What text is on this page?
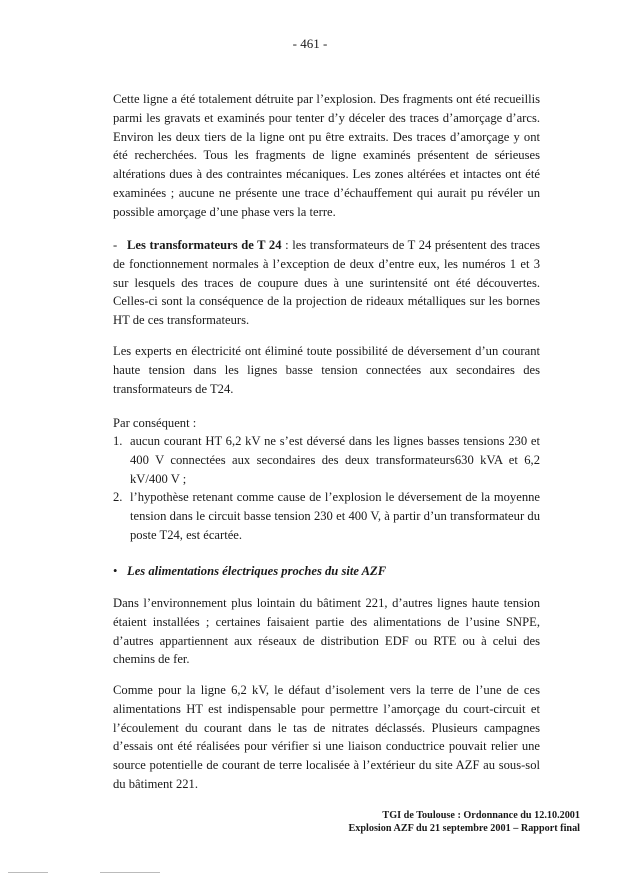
- 461 -

Cette ligne a été totalement détruite par l’explosion. Des fragments ont été recueillis parmi les gravats et examinés pour tenter d’y déceler des traces d’amorçage d’arcs. Environ les deux tiers de la ligne ont pu être extraits. Des traces d’amorçage y ont été recherchées. Tous les fragments de ligne examinés présentent de sérieuses altérations dues à des contraintes mécaniques. Les zones altérées et intactes ont été examinées ; aucune ne présente une trace d’échauffement qui aurait pu révéler un possible amorçage d’une phase vers la terre.

- Les transformateurs de T 24 : les transformateurs de T 24 présentent des traces de fonctionnement normales à l’exception de deux d’entre eux, les numéros 1 et 3 sur lesquels des traces de coupure dues à une surintensité ont été découvertes. Celles-ci sont la conséquence de la projection de rideaux métalliques sur les bornes HT de ces transformateurs.

Les experts en électricité ont éliminé toute possibilité de déversement d’un courant haute tension dans les lignes basse tension connectées aux secondaires des transformateurs de T24.

Par conséquent :

1. aucun courant HT 6,2 kV ne s’est déversé dans les lignes basses tensions 230 et 400 V connectées aux secondaires des deux transformateurs630 kVA et 6,2 kV/400 V ;
2. l’hypothèse retenant comme cause de l’explosion le déversement de la moyenne tension dans le circuit basse tension 230 et 400 V, à partir d’un transformateur du poste T24, est écartée.

• Les alimentations électriques proches du site AZF

Dans l’environnement plus lointain du bâtiment 221, d’autres lignes haute tension étaient installées ; certaines faisaient partie des alimentations de l’usine SNPE, d’autres appartiennent aux réseaux de distribution EDF ou RTE ou à celui des chemins de fer.

Comme pour la ligne 6,2 kV, le défaut d’isolement vers la terre de l’une de ces alimentations HT est indispensable pour permettre l’amorçage du court-circuit et l’écoulement du courant dans le tas de nitrates déclassés. Plusieurs campagnes d’essais ont été réalisées pour vérifier si une liaison conductrice pouvait relier une source potentielle de courant de terre localisée à l’extérieur du site AZF au sous-sol du bâtiment 221.

TGI de Toulouse : Ordonnance du 12.10.2001
Explosion AZF du 21 septembre 2001 – Rapport final
